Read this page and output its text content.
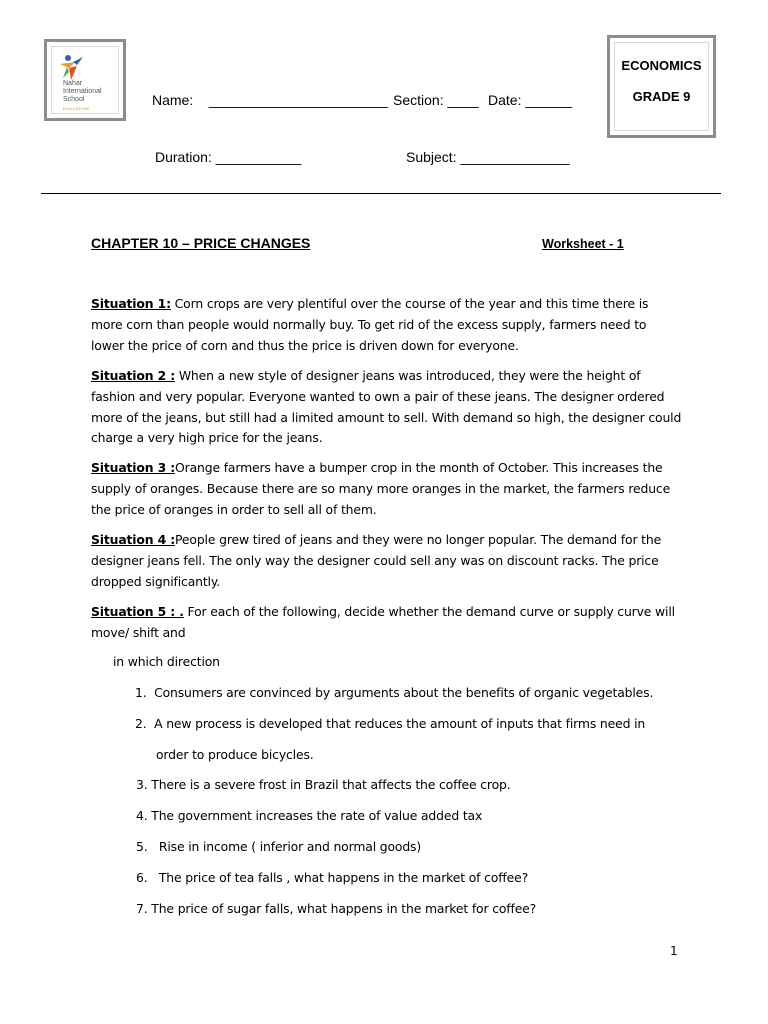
Nahar
International
School
EDUCATION
Name:    _______________________ Section: ____ Date: ______
Duration: ___________	Subject: ______________
ECONOMICS
GRADE 9
CHAPTER 10 – PRICE CHANGES	Worksheet - 1
Situation 1: Corn crops are very plentiful over the course of the year and this time there is more corn than people would normally buy. To get rid of the excess supply, farmers need to lower the price of corn and thus the price is driven down for everyone.
Situation 2 : When a new style of designer jeans was introduced, they were the height of fashion and very popular. Everyone wanted to own a pair of these jeans. The designer ordered more of the jeans, but still had a limited amount to sell. With demand so high, the designer could charge a very high price for the jeans.
Situation 3 :Orange farmers have a bumper crop in the month of October. This increases the supply of oranges. Because there are so many more oranges in the market, the farmers reduce the price of oranges in order to sell all of them.
Situation 4 :People grew tired of jeans and they were no longer popular. The demand for the designer jeans fell. The only way the designer could sell any was on discount racks. The price dropped significantly.
Situation 5 : . For each of the following, decide whether the demand curve or supply curve will move/ shift and
in which direction
1.  Consumers are convinced by arguments about the benefits of organic vegetables.
2.  A new process is developed that reduces the amount of inputs that firms need in
order to produce bicycles.
3. There is a severe frost in Brazil that affects the coffee crop.
4. The government increases the rate of value added tax
5.   Rise in income ( inferior and normal goods)
6.   The price of tea falls , what happens in the market of coffee?
7. The price of sugar falls, what happens in the market for coffee?
1
